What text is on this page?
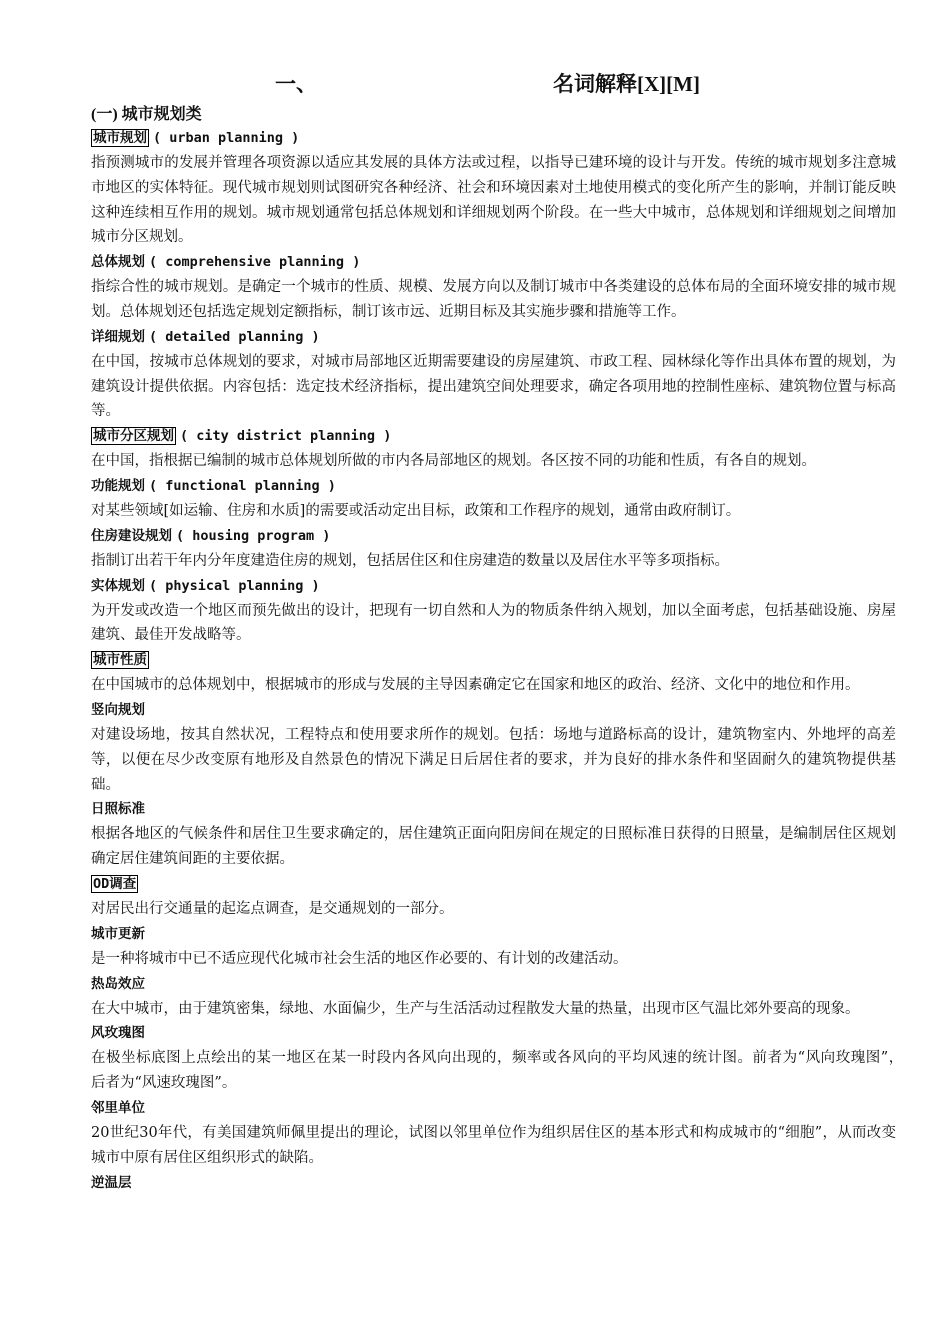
一、	名词解释[X][M]
(一) 城市规划类
城市规划 ( urban planning )
指预测城市的发展并管理各项资源以适应其发展的具体方法或过程，以指导已建环境的设计与开发。传统的城市规划多注意城市地区的实体特征。现代城市规划则试图研究各种经济、社会和环境因素对土地使用模式的变化所产生的影响，并制订能反映这种连续相互作用的规划。城市规划通常包括总体规划和详细规划两个阶段。在一些大中城市，总体规划和详细规划之间增加城市分区规划。
总体规划 ( comprehensive planning )
指综合性的城市规划。是确定一个城市的性质、规模、发展方向以及制订城市中各类建设的总体布局的全面环境安排的城市规划。总体规划还包括选定规划定额指标，制订该市远、近期目标及其实施步骤和措施等工作。
详细规划 ( detailed planning )
在中国，按城市总体规划的要求，对城市局部地区近期需要建设的房屋建筑、市政工程、园林绿化等作出具体布置的规划，为建筑设计提供依据。内容包括：选定技术经济指标，提出建筑空间处理要求，确定各项用地的控制性座标、建筑物位置与标高等。
城市分区规划 ( city district planning )
在中国，指根据已编制的城市总体规划所做的市内各局部地区的规划。各区按不同的功能和性质，有各自的规划。
功能规划 ( functional planning )
对某些领域[如运输、住房和水质]的需要或活动定出目标，政策和工作程序的规划，通常由政府制订。
住房建设规划 ( housing program )
指制订出若干年内分年度建造住房的规划，包括居住区和住房建造的数量以及居住水平等多项指标。
实体规划 ( physical planning )
为开发或改造一个地区而预先做出的设计，把现有一切自然和人为的物质条件纳入规划，加以全面考虑，包括基础设施、房屋建筑、最佳开发战略等。
城市性质
在中国城市的总体规划中，根据城市的形成与发展的主导因素确定它在国家和地区的政治、经济、文化中的地位和作用。
竖向规划
对建设场地，按其自然状况，工程特点和使用要求所作的规划。包括：场地与道路标高的设计，建筑物室内、外地坪的高差等，以便在尽少改变原有地形及自然景色的情况下满足日后居住者的要求，并为良好的排水条件和坚固耐久的建筑物提供基础。
日照标准
根据各地区的气候条件和居住卫生要求确定的，居住建筑正面向阳房间在规定的日照标准日获得的日照量，是编制居住区规划确定居住建筑间距的主要依据。
OD调查
对居民出行交通量的起迄点调查，是交通规划的一部分。
城市更新
是一种将城市中已不适应现代化城市社会生活的地区作必要的、有计划的改建活动。
热岛效应
在大中城市，由于建筑密集，绿地、水面偏少，生产与生活活动过程散发大量的热量，出现市区气温比郊外要高的现象。
风玫瑰图
在极坐标底图上点绘出的某一地区在某一时段内各风向出现的，频率或各风向的平均风速的统计图。前者为“风向玫瑰图”，　后者为“风速玫瑰图”。
邻里单位
20世纪30年代，有美国建筑师佩里提出的理论，试图以邻里单位作为组织居住区的基本形式和构成城市的“细胞”，从而改变城市中原有居住区组织形式的缺陷。
逆温层
